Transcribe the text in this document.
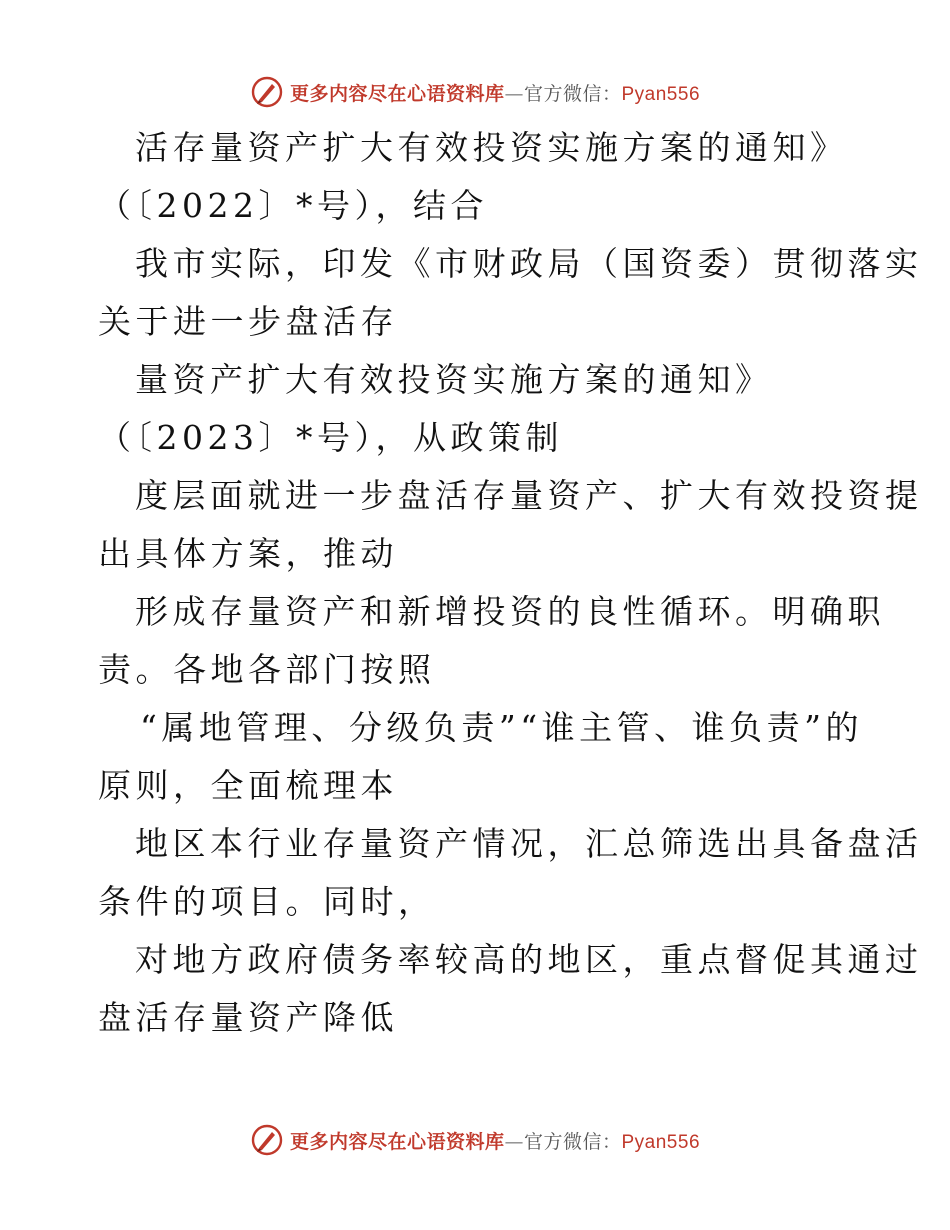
更多内容尽在心语资料库—官方微信：Pyan556
活存量资产扩大有效投资实施方案的通知》
（〔2022〕*号），结合
我市实际，印发《市财政局（国资委）贯彻落实
关于进一步盘活存
量资产扩大有效投资实施方案的通知》
（〔2023〕*号），从政策制
度层面就进一步盘活存量资产、扩大有效投资提
出具体方案，推动
形成存量资产和新增投资的良性循环。明确职
责。各地各部门按照
“属地管理、分级负责”“谁主管、谁负责”的
原则，全面梳理本
地区本行业存量资产情况，汇总筛选出具备盘活
条件的项目。同时，
对地方政府债务率较高的地区，重点督促其通过
盘活存量资产降低
更多内容尽在心语资料库—官方微信：Pyan556
